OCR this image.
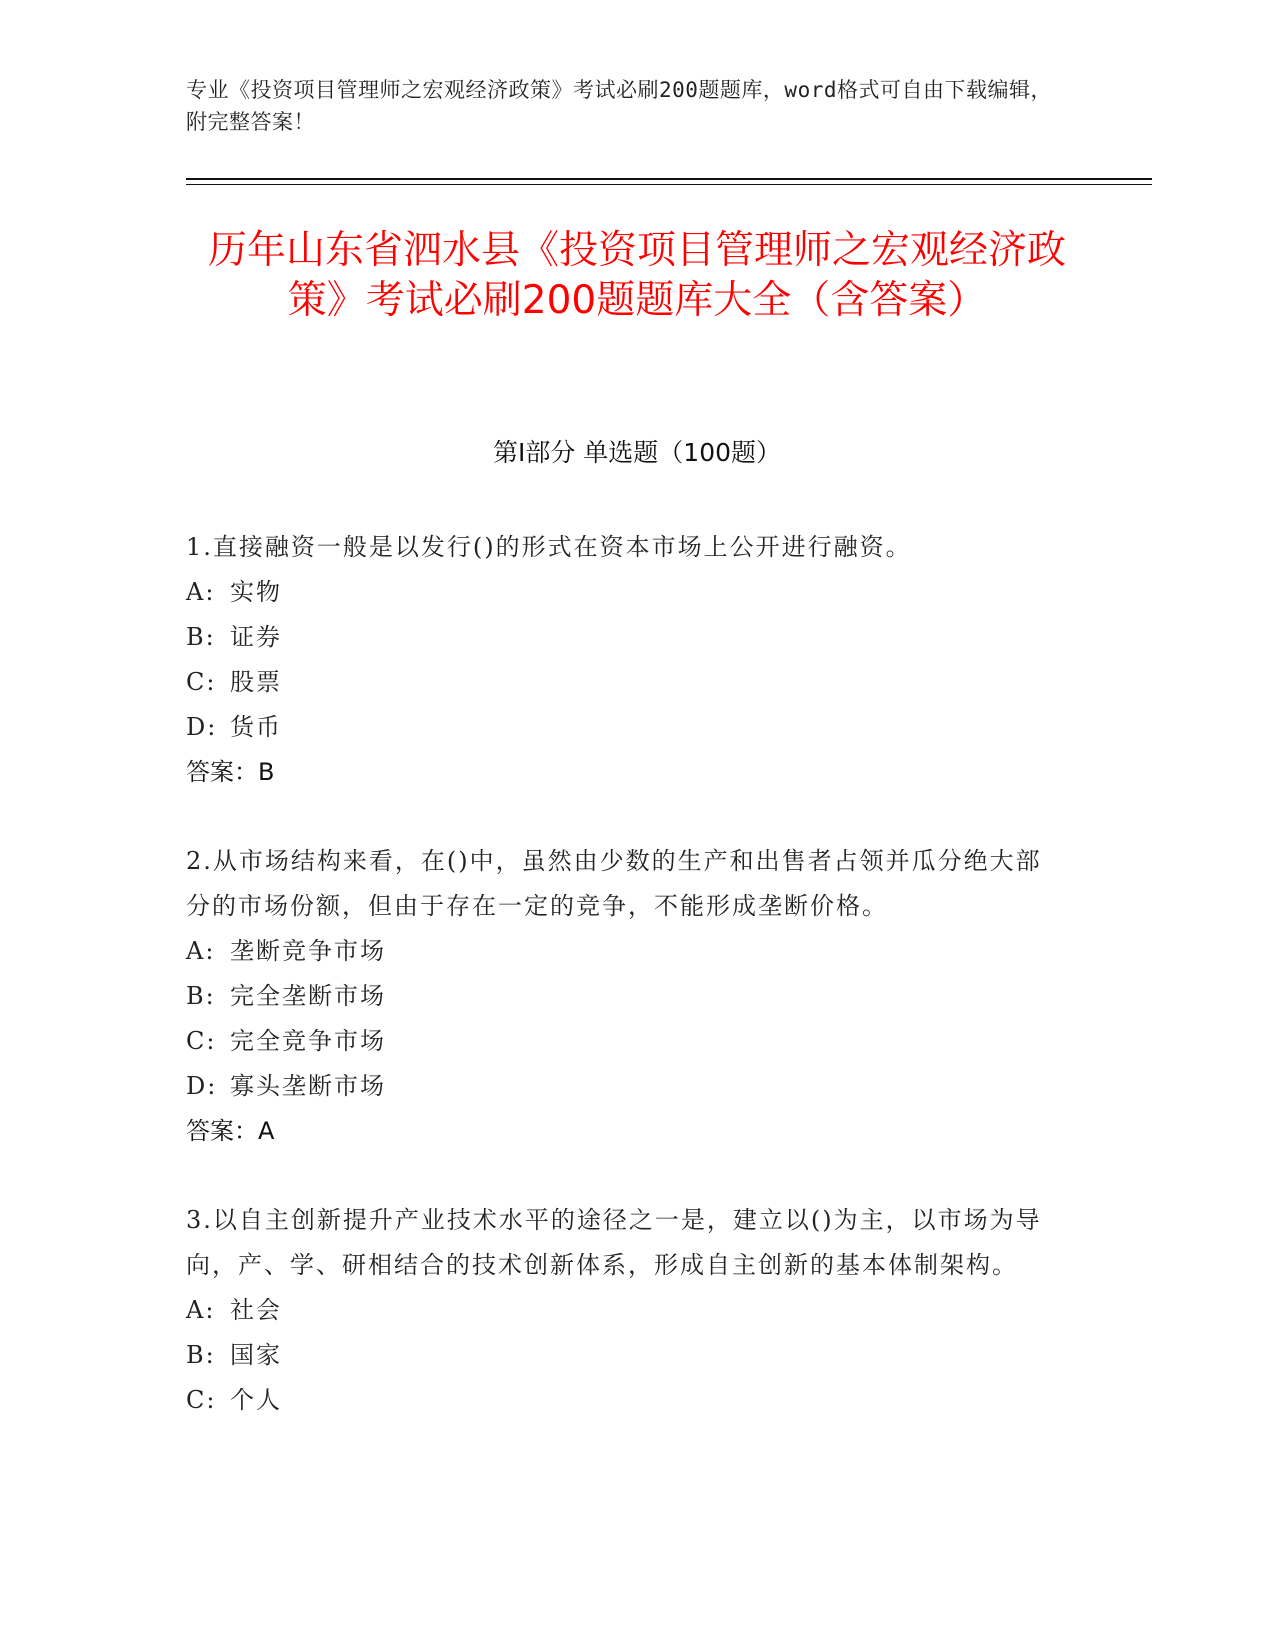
专业《投资项目管理师之宏观经济政策》考试必刷200题题库，word格式可自由下载编辑，附完整答案！
历年山东省泗水县《投资项目管理师之宏观经济政策》考试必刷200题题库大全（含答案）
第I部分 单选题（100题）
1.直接融资一般是以发行()的形式在资本市场上公开进行融资。
A: 实物
B: 证券
C: 股票
D: 货币
答案：B
2.从市场结构来看，在()中，虽然由少数的生产和出售者占领并瓜分绝大部分的市场份额，但由于存在一定的竞争，不能形成垄断价格。
A: 垄断竞争市场
B: 完全垄断市场
C: 完全竞争市场
D: 寡头垄断市场
答案：A
3.以自主创新提升产业技术水平的途径之一是，建立以()为主，以市场为导向，产、学、研相结合的技术创新体系，形成自主创新的基本体制架构。
A: 社会
B: 国家
C: 个人
